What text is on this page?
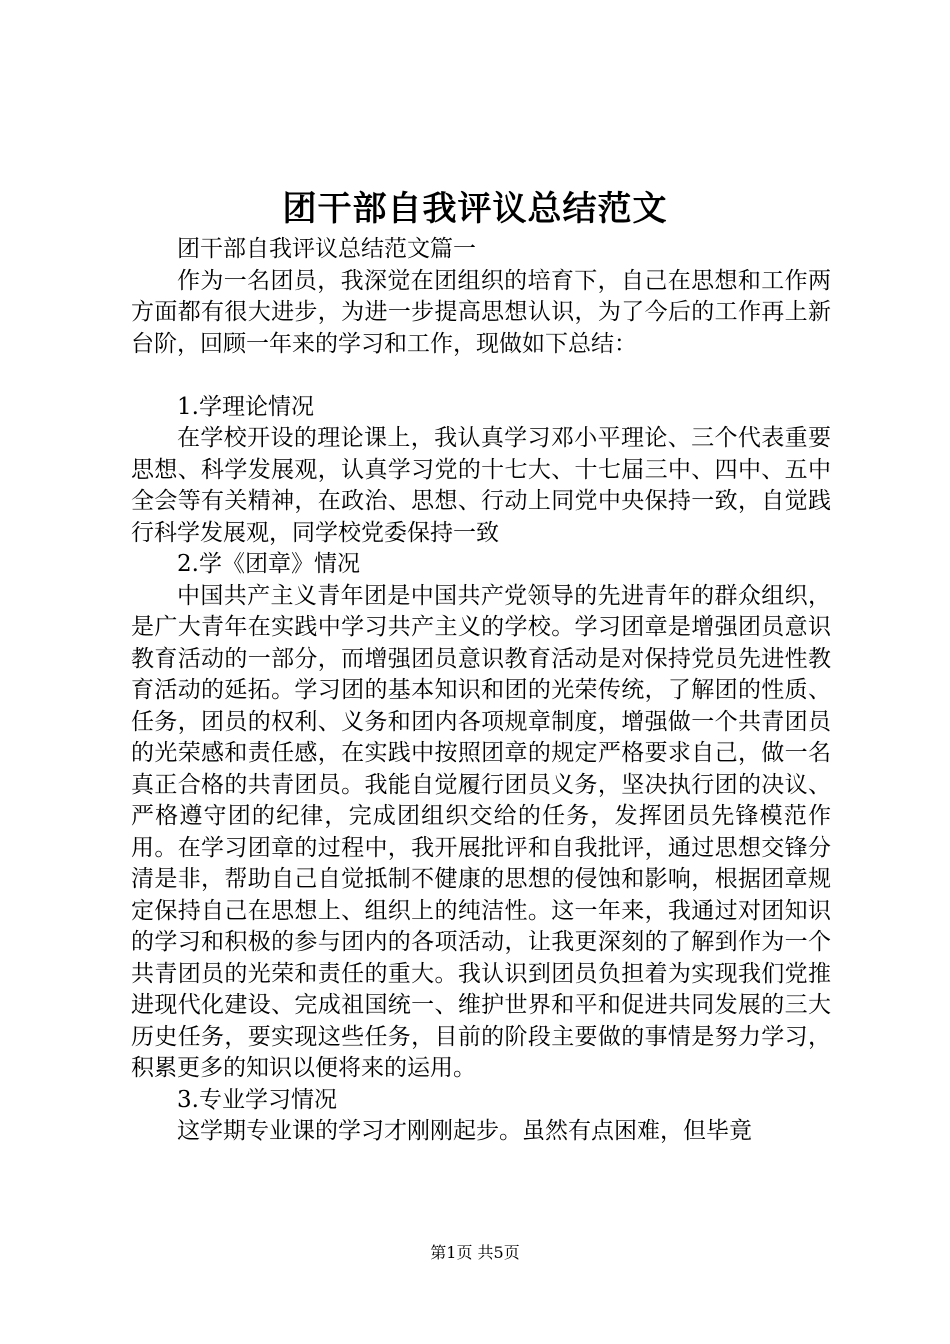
团干部自我评议总结范文

团干部自我评议总结范文篇一

作为一名团员，我深觉在团组织的培育下，自己在思想和工作两方面都有很大进步，为进一步提高思想认识，为了今后的工作再上新台阶，回顾一年来的学习和工作，现做如下总结：

1.学理论情况

在学校开设的理论课上，我认真学习邓小平理论、三个代表重要思想、科学发展观，认真学习党的十七大、十七届三中、四中、五中全会等有关精神，在政治、思想、行动上同党中央保持一致，自觉践行科学发展观，同学校党委保持一致

2.学《团章》情况

中国共产主义青年团是中国共产党领导的先进青年的群众组织，是广大青年在实践中学习共产主义的学校。学习团章是增强团员意识教育活动的一部分，而增强团员意识教育活动是对保持党员先进性教育活动的延拓。学习团的基本知识和团的光荣传统，了解团的性质、任务，团员的权利、义务和团内各项规章制度，增强做一个共青团员的光荣感和责任感，在实践中按照团章的规定严格要求自己，做一名真正合格的共青团员。我能自觉履行团员义务，坚决执行团的决议、严格遵守团的纪律，完成团组织交给的任务，发挥团员先锋模范作用。在学习团章的过程中，我开展批评和自我批评，通过思想交锋分清是非，帮助自己自觉抵制不健康的思想的侵蚀和影响，根据团章规定保持自己在思想上、组织上的纯洁性。这一年来，我通过对团知识的学习和积极的参与团内的各项活动，让我更深刻的了解到作为一个共青团员的光荣和责任的重大。我认识到团员负担着为实现我们党推进现代化建设、完成祖国统一、维护世界和平和促进共同发展的三大历史任务，要实现这些任务，目前的阶段主要做的事情是努力学习，积累更多的知识以便将来的运用。

3.专业学习情况

这学期专业课的学习才刚刚起步。虽然有点困难，但毕竟

第1页 共5页
